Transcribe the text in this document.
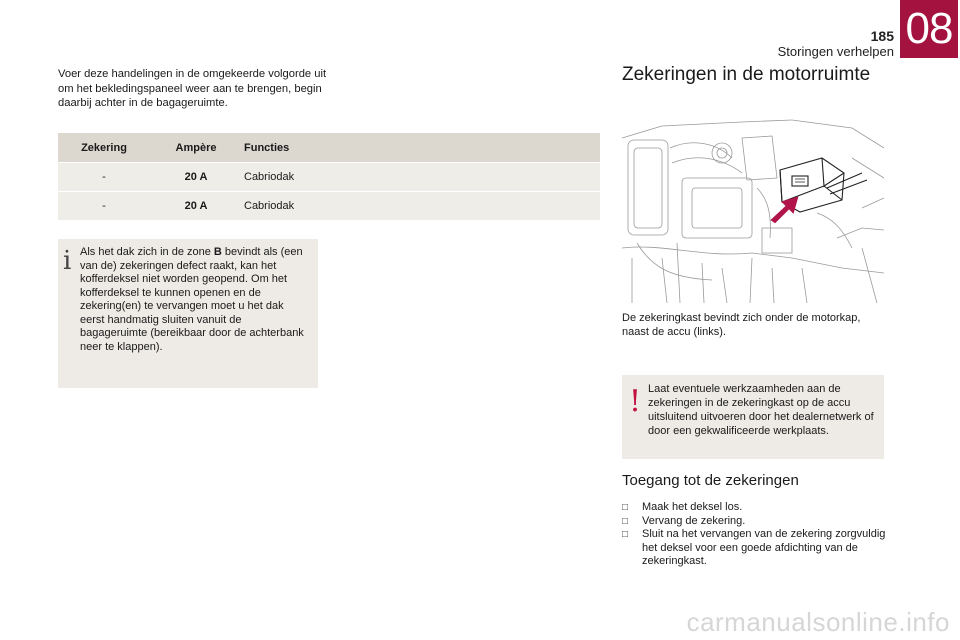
185
Storingen verhelpen 08

Voer deze handelingen in de omgekeerde volgorde uit om het bekledingspaneel weer aan te brengen, begin daarbij achter in de bagageruimte.

Zekering	Ampère	Functies
-	20 A	Cabriodak
-	20 A	Cabriodak
i Als het dak zich in de zone B bevindt als (een van de) zekeringen defect raakt, kan het kofferdeksel niet worden geopend. Om het kofferdeksel te kunnen openen en de zekering(en) te vervangen moet u het dak eerst handmatig sluiten vanuit de bagageruimte (bereikbaar door de achterbank neer te klappen).
Zekeringen in de motorruimte
De zekeringkast bevindt zich onder de motorkap, naast de accu (links).
! Laat eventuele werkzaamheden aan de zekeringen in de zekeringkast op de accu uitsluitend uitvoeren door het dealernetwerk of door een gekwalificeerde werkplaats.
Toegang tot de zekeringen
□ Maak het deksel los.
□ Vervang de zekering.
□ Sluit na het vervangen van de zekering zorgvuldig het deksel voor een goede afdichting van de zekeringkast.
carmanualsonline.info
